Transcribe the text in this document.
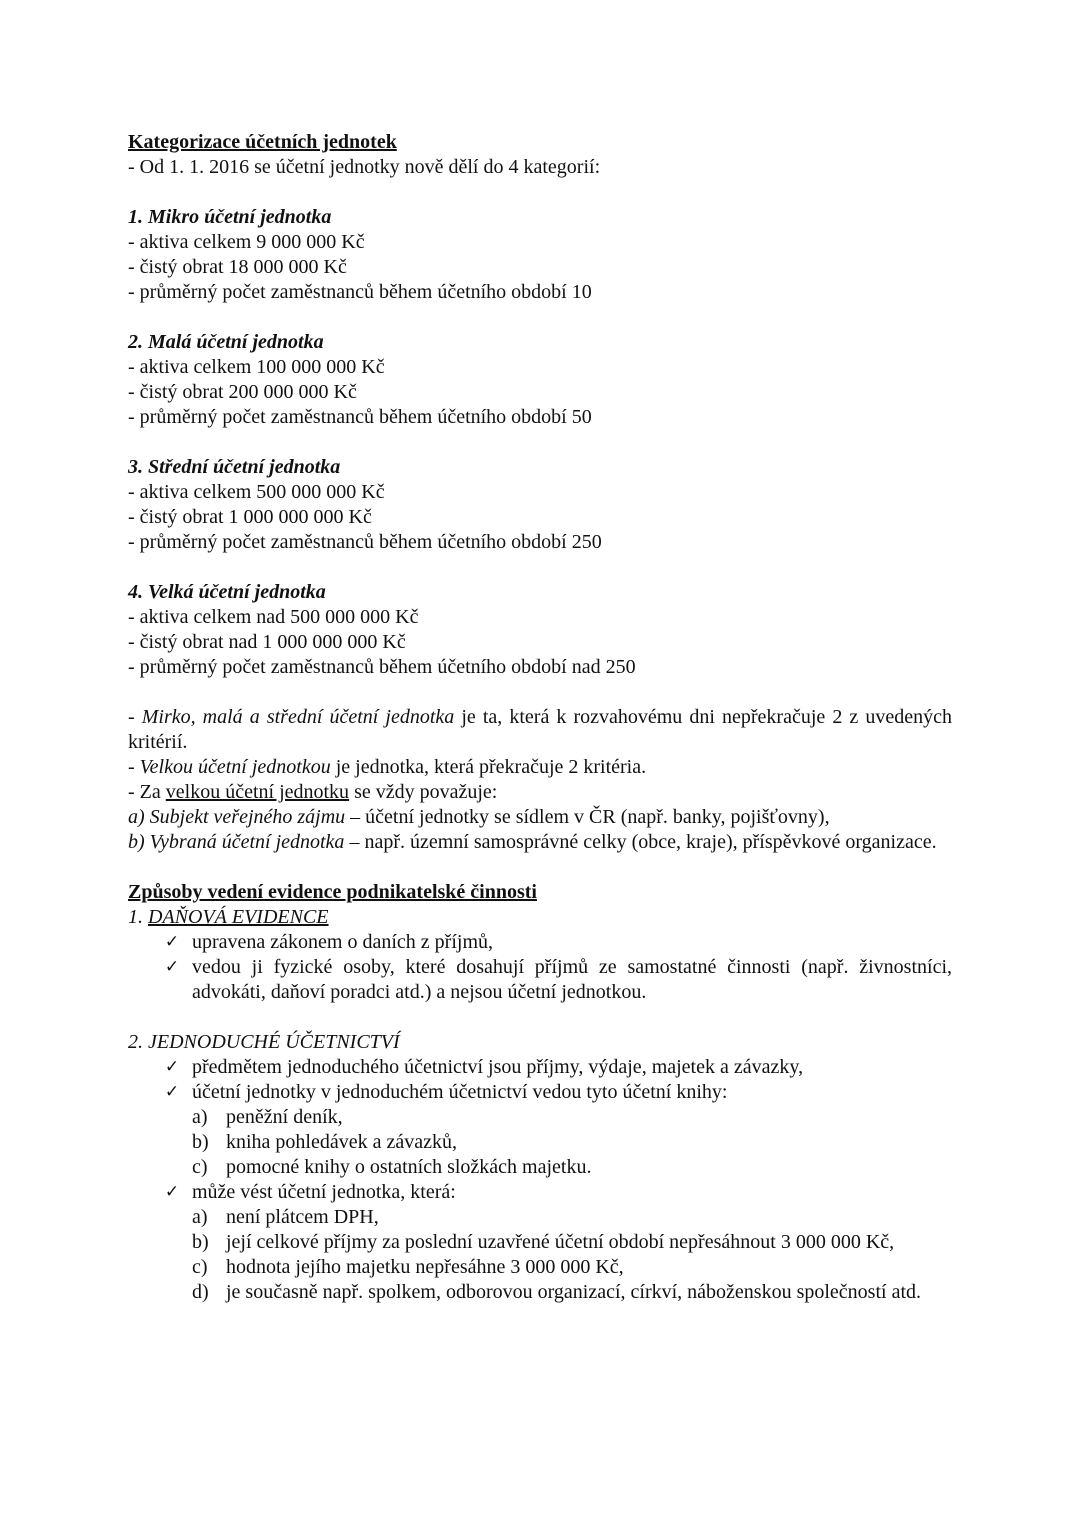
Kategorizace účetních jednotek
- Od 1. 1. 2016 se účetní jednotky nově dělí do 4 kategorií:
1. Mikro účetní jednotka
- aktiva celkem 9 000 000 Kč
- čistý obrat 18 000 000 Kč
- průměrný počet zaměstnanců během účetního období 10
2. Malá účetní jednotka
- aktiva celkem 100 000 000 Kč
- čistý obrat 200 000 000 Kč
- průměrný počet zaměstnanců během účetního období 50
3. Střední účetní jednotka
- aktiva celkem 500 000 000 Kč
- čistý obrat 1 000 000 000 Kč
- průměrný počet zaměstnanců během účetního období 250
4. Velká účetní jednotka
- aktiva celkem nad 500 000 000 Kč
- čistý obrat nad 1 000 000 000 Kč
- průměrný počet zaměstnanců během účetního období nad 250
- Mirko, malá a střední účetní jednotka je ta, která k rozvahovému dni nepřekračuje 2 z uvedených kritérií.
- Velkou účetní jednotkou je jednotka, která překračuje 2 kritéria.
- Za velkou účetní jednotku se vždy považuje:
a) Subjekt veřejného zájmu – účetní jednotky se sídlem v ČR (např. banky, pojišťovny),
b) Vybraná účetní jednotka – např. územní samosprávné celky (obce, kraje), příspěvkové organizace.
Způsoby vedení evidence podnikatelské činnosti
1. DAŇOVÁ EVIDENCE
✓ upravena zákonem o daních z příjmů,
✓ vedou ji fyzické osoby, které dosahují příjmů ze samostatné činnosti (např. živnostníci, advokáti, daňoví poradci atd.) a nejsou účetní jednotkou.
2. JEDNODUCHÉ ÚČETNICTVÍ
✓ předmětem jednoduchého účetnictví jsou příjmy, výdaje, majetek a závazky,
✓ účetní jednotky v jednoduchém účetnictví vedou tyto účetní knihy:
a) peněžní deník,
b) kniha pohledávek a závazků,
c) pomocné knihy o ostatních složkách majetku.
✓ může vést účetní jednotka, která:
a) není plátcem DPH,
b) její celkové příjmy za poslední uzavřené účetní období nepřesáhnout 3 000 000 Kč,
c) hodnota jejího majetku nepřesáhne 3 000 000 Kč,
d) je současně např. spolkem, odborovou organizací, církví, náboženskou společností atd.
